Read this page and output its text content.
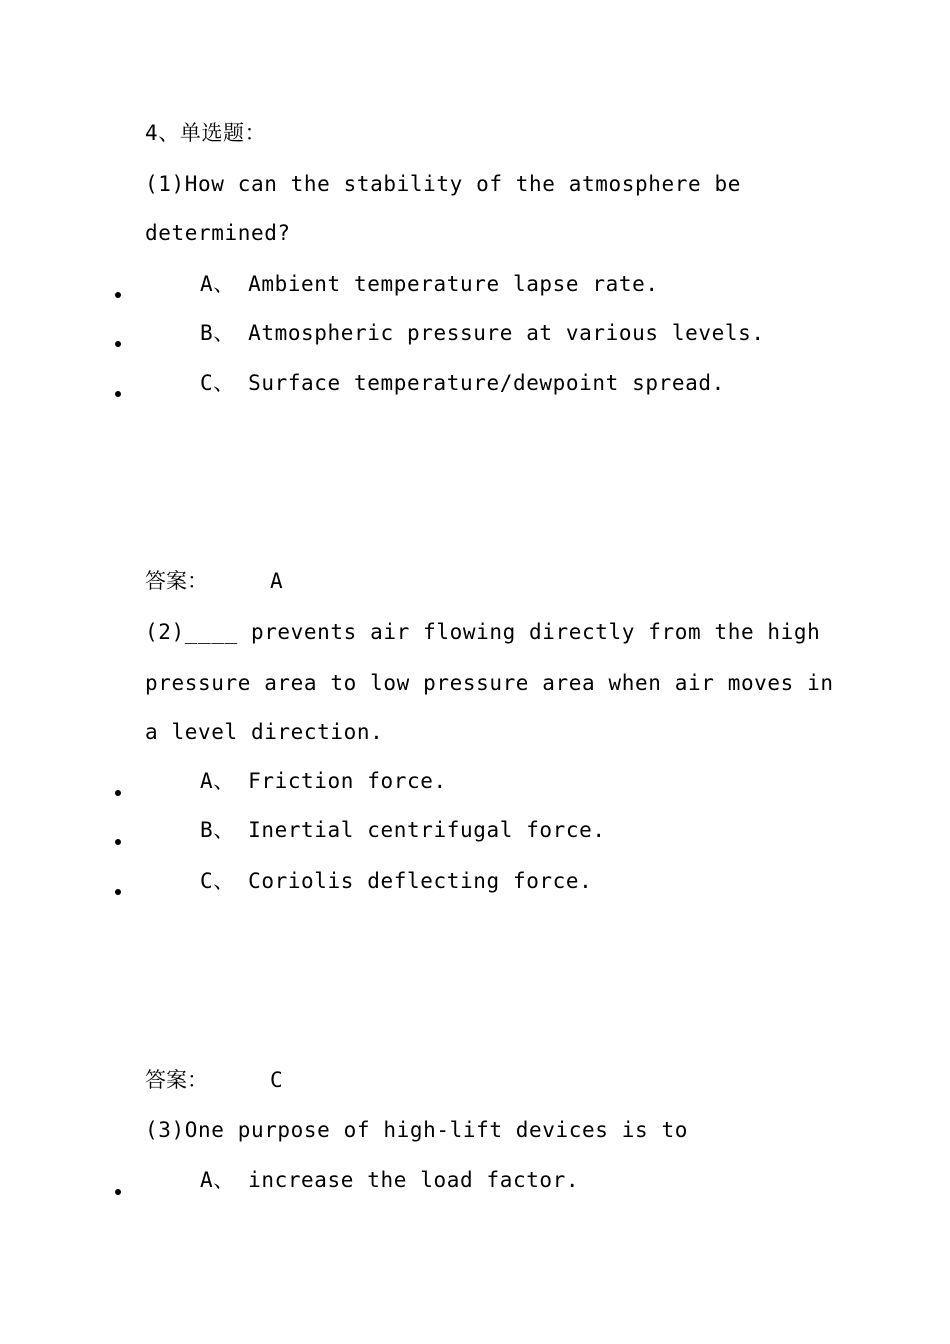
4、单选题：
(1)How can the stability of the atmosphere be
determined?
A、 Ambient temperature lapse rate.
B、 Atmospheric pressure at various levels.
C、 Surface temperature/dewpoint spread.
答案：　　 A
(2)____ prevents air flowing directly from the high
pressure area to low pressure area when air moves in
a level direction.
A、 Friction force.
B、 Inertial centrifugal force.
C、 Coriolis deflecting force.
答案：　　 C
(3)One purpose of high-lift devices is to
A、 increase the load factor.
